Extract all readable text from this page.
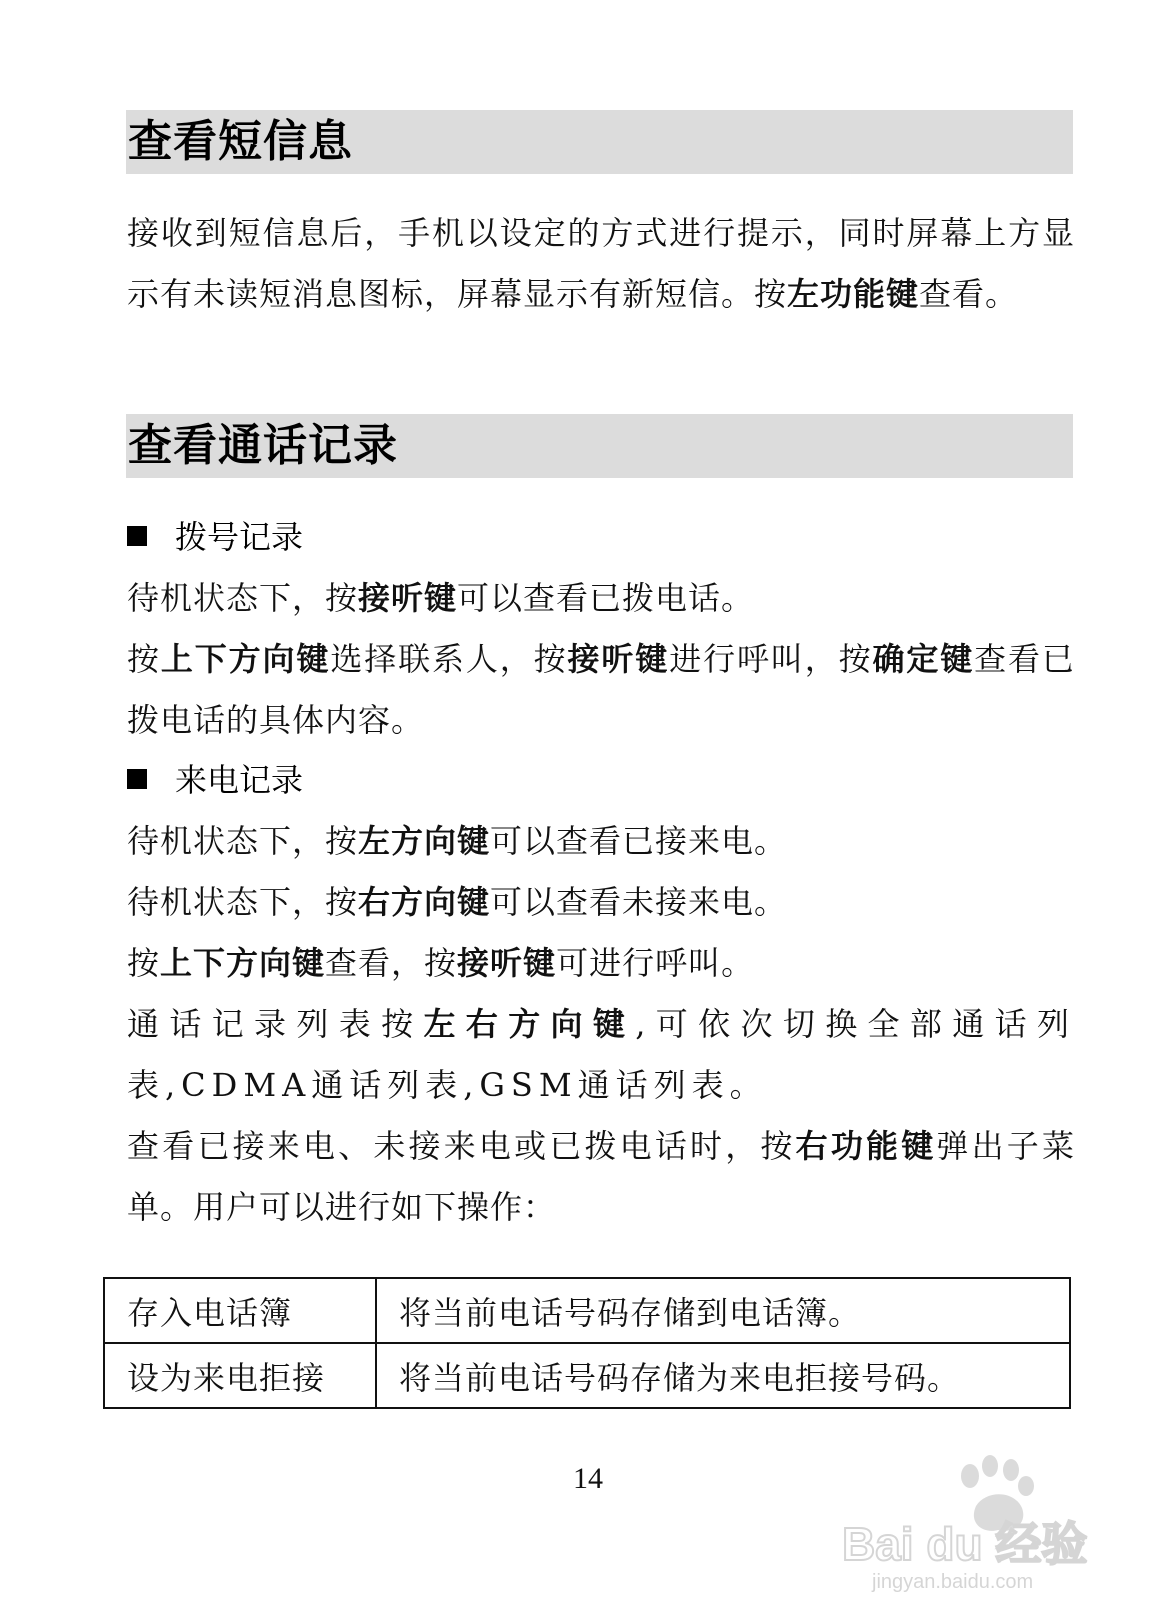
查看短信息
接收到短信息后，手机以设定的方式进行提示，同时屏幕上方显示有未读短消息图标，屏幕显示有新短信。按左功能键查看。
查看通话记录
拨号记录
待机状态下，按接听键可以查看已拨电话。
按上下方向键选择联系人，按接听键进行呼叫，按确定键查看已拨电话的具体内容。
来电记录
待机状态下，按左方向键可以查看已接来电。
待机状态下，按右方向键可以查看未接来电。
按上下方向键查看，按接听键可进行呼叫。
通话记录列表按左右方向键,可依次切换全部通话列表,CDMA通话列表,GSM通话列表。
查看已接来电、未接来电或已拨电话时，按右功能键弹出子菜单。用户可以进行如下操作：
存入电话簿	将当前电话号码存储到电话簿。
设为来电拒接	将当前电话号码存储为来电拒接号码。
14
Bai du 经验
jingyan.baidu.com
